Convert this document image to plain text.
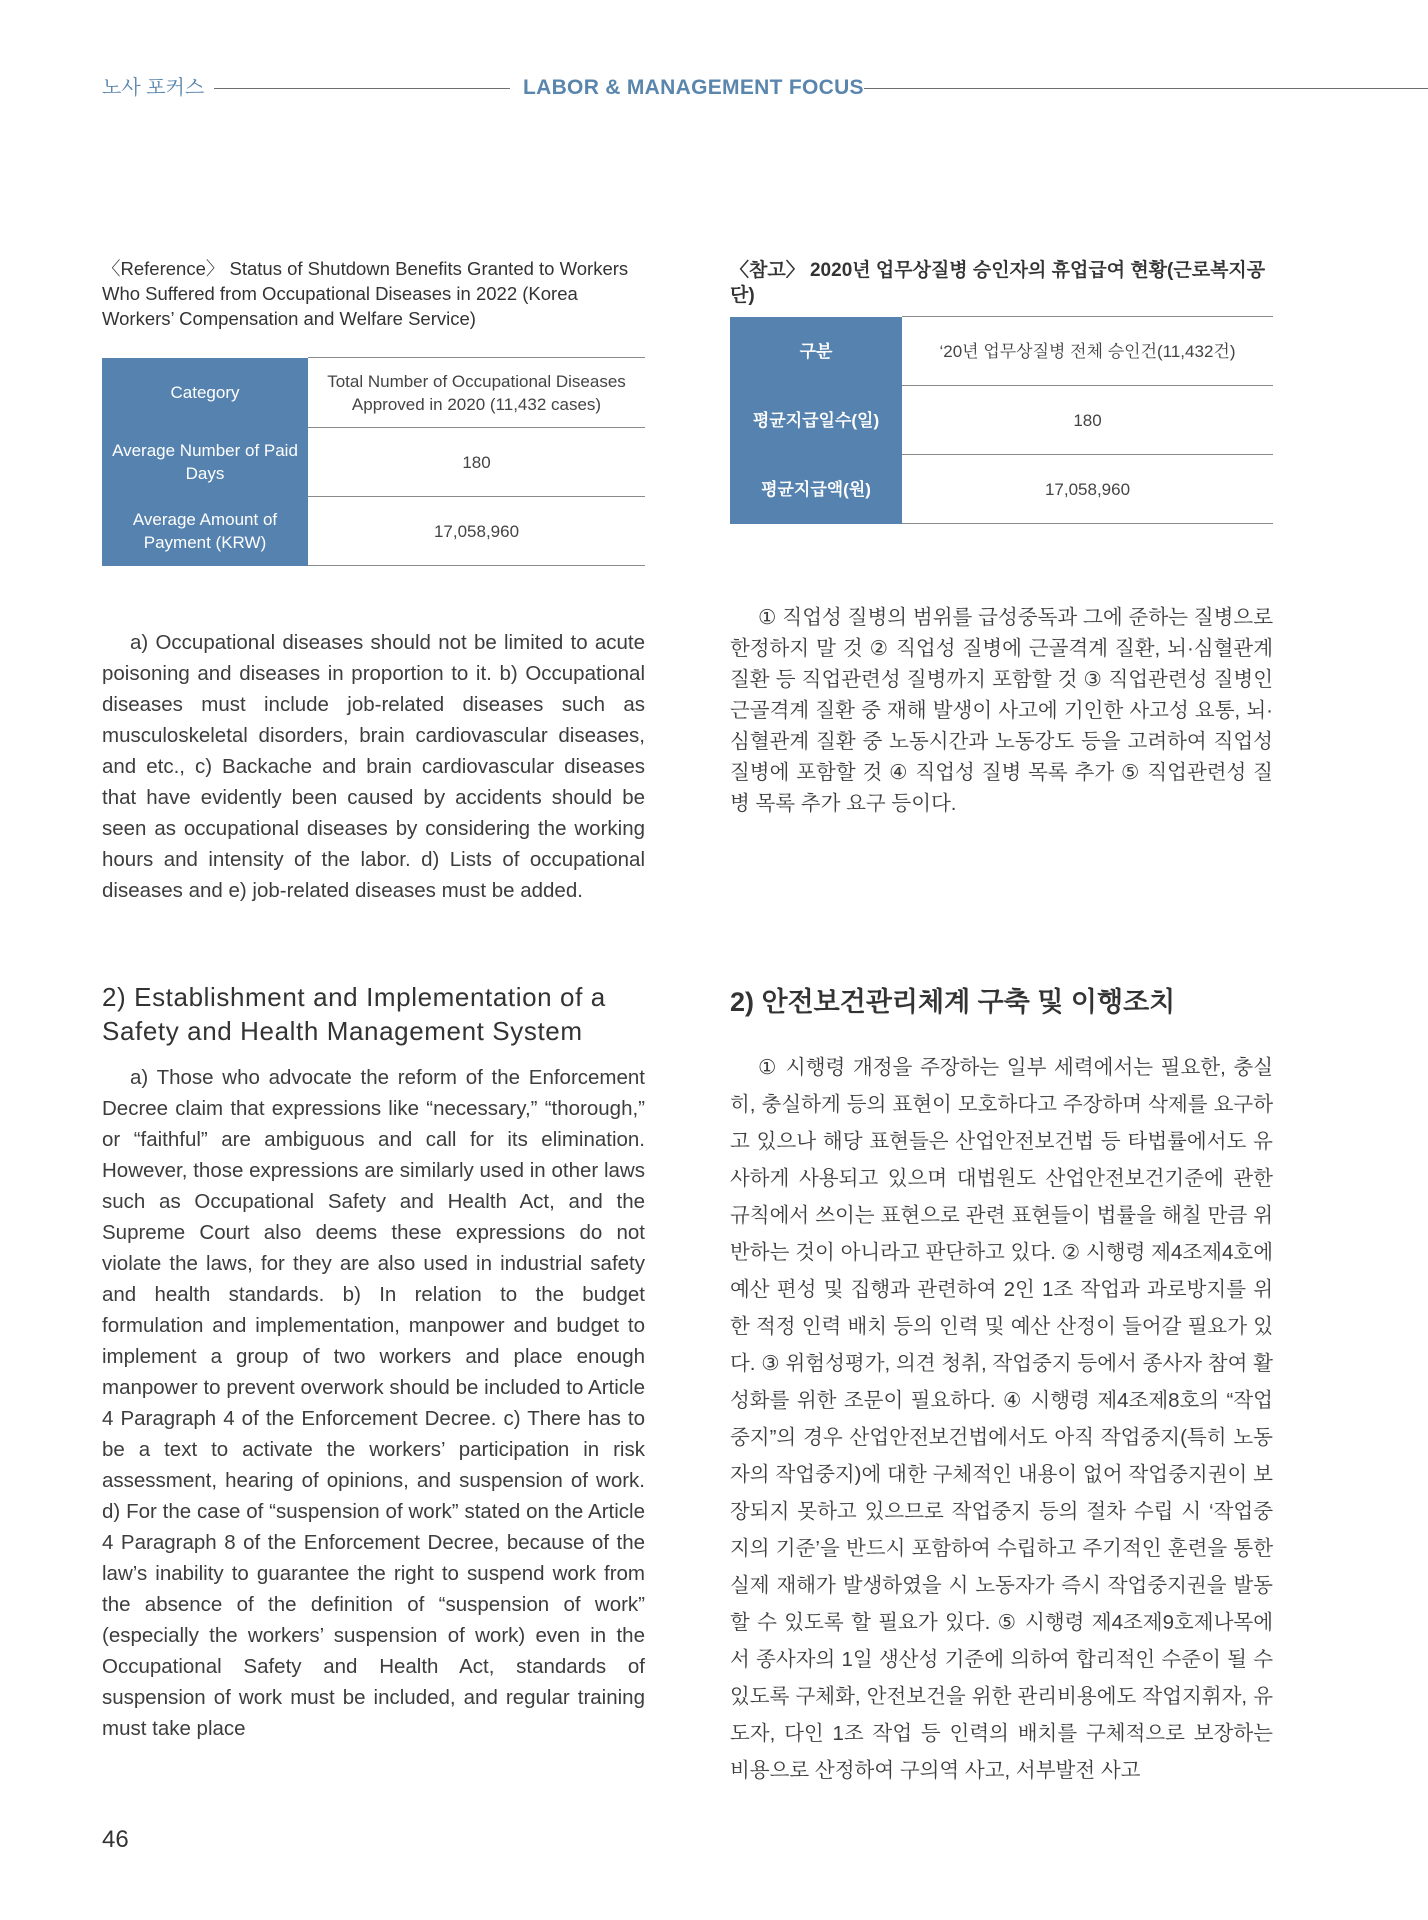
노사 포커스	LABOR & MANAGEMENT FOCUS
〈Reference〉 Status of Shutdown Benefits Granted to Workers Who Suffered from Occupational Diseases in 2022 (Korea Workers’ Compensation and Welfare Service)
〈참고〉 2020년 업무상질병 승인자의 휴업급여 현황(근로복지공단)
Category	Total Number of Occupational Diseases Approved in 2020 (11,432 cases)
Average Number of Paid Days	180
Average Amount of Payment (KRW)	17,058,960
구분	‘20년 업무상질병 전체 승인건(11,432건)
평균지급일수(일)	180
평균지급액(원)	17,058,960

a) Occupational diseases should not be limited to acute poisoning and diseases in proportion to it. b) Occupational diseases must include job-related diseases such as musculoskeletal disorders, brain cardiovascular diseases, and etc., c) Backache and brain cardiovascular diseases that have evidently been caused by accidents should be seen as occupational diseases by considering the working hours and intensity of the labor. d) Lists of occupational diseases and e) job-related diseases must be added.

① 직업성 질병의 범위를 급성중독과 그에 준하는 질병으로 한정하지 말 것 ② 직업성 질병에 근골격계 질환, 뇌·심혈관계 질환 등 직업관련성 질병까지 포함할 것 ③ 직업관련성 질병인 근골격계 질환 중 재해 발생이 사고에 기인한 사고성 요통, 뇌·심혈관계 질환 중 노동시간과 노동강도 등을 고려하여 직업성 질병에 포함할 것 ④ 직업성 질병 목록 추가 ⑤ 직업관련성 질병 목록 추가 요구 등이다.

2) Establishment and Implementation of a Safety and Health Management System
2) 안전보건관리체계 구축 및 이행조치

a) Those who advocate the reform of the Enforcement Decree claim that expressions like “necessary,” “thorough,” or “faithful” are ambiguous and call for its elimination. However, those expressions are similarly used in other laws such as Occupational Safety and Health Act, and the Supreme Court also deems these expressions do not violate the laws, for they are also used in industrial safety and health standards. b) In relation to the budget formulation and implementation, manpower and budget to implement a group of two workers and place enough manpower to prevent overwork should be included to Article 4 Paragraph 4 of the Enforcement Decree. c) There has to be a text to activate the workers’ participation in risk assessment, hearing of opinions, and suspension of work. d) For the case of “suspension of work” stated on the Article 4 Paragraph 8 of the Enforcement Decree, because of the law’s inability to guarantee the right to suspend work from the absence of the definition of “suspension of work” (especially the workers’ suspension of work) even in the Occupational Safety and Health Act, standards of suspension of work must be included, and regular training must take place

① 시행령 개정을 주장하는 일부 세력에서는 필요한, 충실히, 충실하게 등의 표현이 모호하다고 주장하며 삭제를 요구하고 있으나 해당 표현들은 산업안전보건법 등 타법률에서도 유사하게 사용되고 있으며 대법원도 산업안전보건기준에 관한 규칙에서 쓰이는 표현으로 관련 표현들이 법률을 해칠 만큼 위반하는 것이 아니라고 판단하고 있다. ② 시행령 제4조제4호에 예산 편성 및 집행과 관련하여 2인 1조 작업과 과로방지를 위한 적정 인력 배치 등의 인력 및 예산 산정이 들어갈 필요가 있다. ③ 위험성평가, 의견 청취, 작업중지 등에서 종사자 참여 활성화를 위한 조문이 필요하다. ④ 시행령 제4조제8호의 “작업중지”의 경우 산업안전보건법에서도 아직 작업중지(특히 노동자의 작업중지)에 대한 구체적인 내용이 없어 작업중지권이 보장되지 못하고 있으므로 작업중지 등의 절차 수립 시 ‘작업중지의 기준’을 반드시 포함하여 수립하고 주기적인 훈련을 통한 실제 재해가 발생하였을 시 노동자가 즉시 작업중지권을 발동할 수 있도록 할 필요가 있다. ⑤ 시행령 제4조제9호제나목에서 종사자의 1일 생산성 기준에 의하여 합리적인 수준이 될 수 있도록 구체화, 안전보건을 위한 관리비용에도 작업지휘자, 유도자, 다인 1조 작업 등 인력의 배치를 구체적으로 보장하는 비용으로 산정하여 구의역 사고, 서부발전 사고

46
